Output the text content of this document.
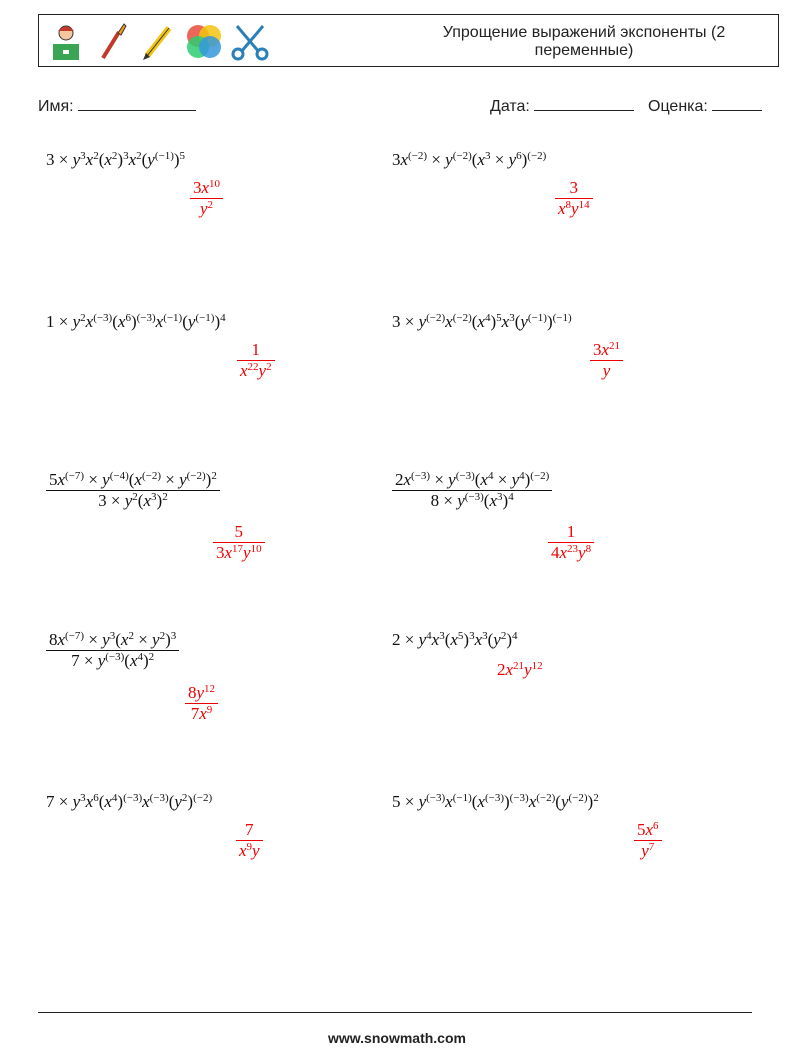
Упрощение выражений экспоненты (2 переменные)
Имя:	Дата:	Оценка:
$3 \times y^3x^2(x^2)^3x^2(y^{(-1)})^5$
$\frac{3x^{10}}{y^2}$
$3x^{(-2)} \times y^{(-2)}(x^3 \times y^6)^{(-2)}$
$\frac{3}{x^8y^{14}}$
$1 \times y^2x^{(-3)}(x^6)^{(-3)}x^{(-1)}(y^{(-1)})^4$
$\frac{1}{x^{22}y^2}$
$3 \times y^{(-2)}x^{(-2)}(x^4)^5x^3(y^{(-1)})^{(-1)}$
$\frac{3x^{21}}{y}$
$\frac{5x^{(-7)} \times y^{(-4)}(x^{(-2)} \times y^{(-2)})^2}{3 \times y^2(x^3)^2}$
$\frac{5}{3x^{17}y^{10}}$
$\frac{2x^{(-3)} \times y^{(-3)}(x^4 \times y^4)^{(-2)}}{8 \times y^{(-3)}(x^3)^4}$
$\frac{1}{4x^{23}y^8}$
$\frac{8x^{(-7)} \times y^3(x^2 \times y^2)^3}{7 \times y^{(-3)}(x^4)^2}$
$\frac{8y^{12}}{7x^9}$
$2 \times y^4x^3(x^5)^3x^3(y^2)^4$
$2x^{21}y^{12}$
$7 \times y^3x^6(x^4)^{(-3)}x^{(-3)}(y^2)^{(-2)}$
$\frac{7}{x^9y}$
$5 \times y^{(-3)}x^{(-1)}(x^{(-3)})^{(-3)}x^{(-2)}(y^{(-2)})^2$
$\frac{5x^6}{y^7}$
www.snowmath.com
